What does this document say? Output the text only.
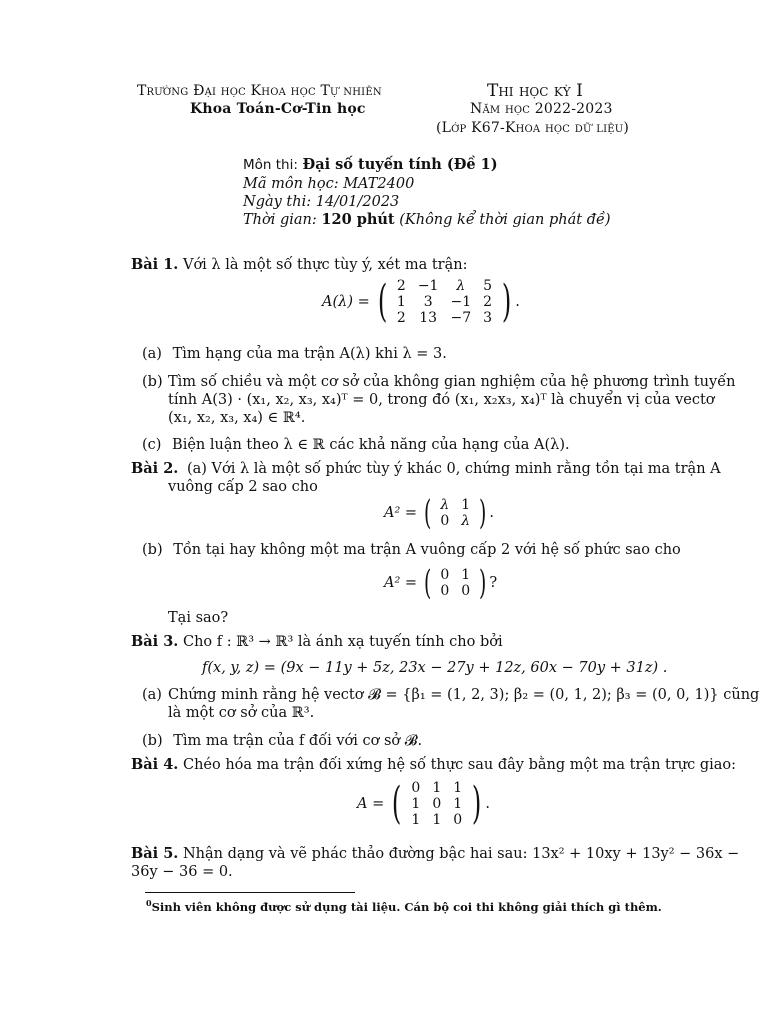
Trường Đại học Khoa học Tự nhiên
Khoa Toán-Cơ-Tin học
Thi học kỳ I
Năm học 2022-2023
(Lớp K67-Khoa học dữ liệu)
Môn thi: Đại số tuyến tính (Đề 1)
Mã môn học: MAT2400
Ngày thi: 14/01/2023
Thời gian: 120 phút (Không kể thời gian phát đề)
Bài 1. Với λ là một số thực tùy ý, xét ma trận:
A(λ) = ( 2	−1	λ	5
1	3	−1	2
2	13	−7	3 ) .
(a) Tìm hạng của ma trận A(λ) khi λ = 3.
(b) Tìm số chiều và một cơ sở của không gian nghiệm của hệ phương trình tuyến
tính A(3) · (x₁, x₂, x₃, x₄)ᵀ = 0, trong đó (x₁, x₂x₃, x₄)ᵀ là chuyển vị của vectơ
(x₁, x₂, x₃, x₄) ∈ ℝ⁴.
(c) Biện luận theo λ ∈ ℝ các khả năng của hạng của A(λ).
Bài 2. (a) Với λ là một số phức tùy ý khác 0, chứng minh rằng tồn tại ma trận A
vuông cấp 2 sao cho
A² = ( λ	1
0	λ ) .
(b) Tồn tại hay không một ma trận A vuông cấp 2 với hệ số phức sao cho
A² = ( 0	1
0	0 ) ?
Tại sao?
Bài 3. Cho f : ℝ³ → ℝ³ là ánh xạ tuyến tính cho bởi
f(x, y, z) = (9x − 11y + 5z, 23x − 27y + 12z, 60x − 70y + 31z) .
(a) Chứng minh rằng hệ vectơ 𝓑 = {β₁ = (1, 2, 3); β₂ = (0, 1, 2); β₃ = (0, 0, 1)} cũng
là một cơ sở của ℝ³.
(b) Tìm ma trận của f đối với cơ sở 𝓑.
Bài 4. Chéo hóa ma trận đối xứng hệ số thực sau đây bằng một ma trận trực giao:
A = ( 0	1	1
1	0	1
1	1	0 ) .
Bài 5. Nhận dạng và vẽ phác thảo đường bậc hai sau: 13x² + 10xy + 13y² − 36x −
36y − 36 = 0.
$^0$Sinh viên không được sử dụng tài liệu. Cán bộ coi thi không giải thích gì thêm.
